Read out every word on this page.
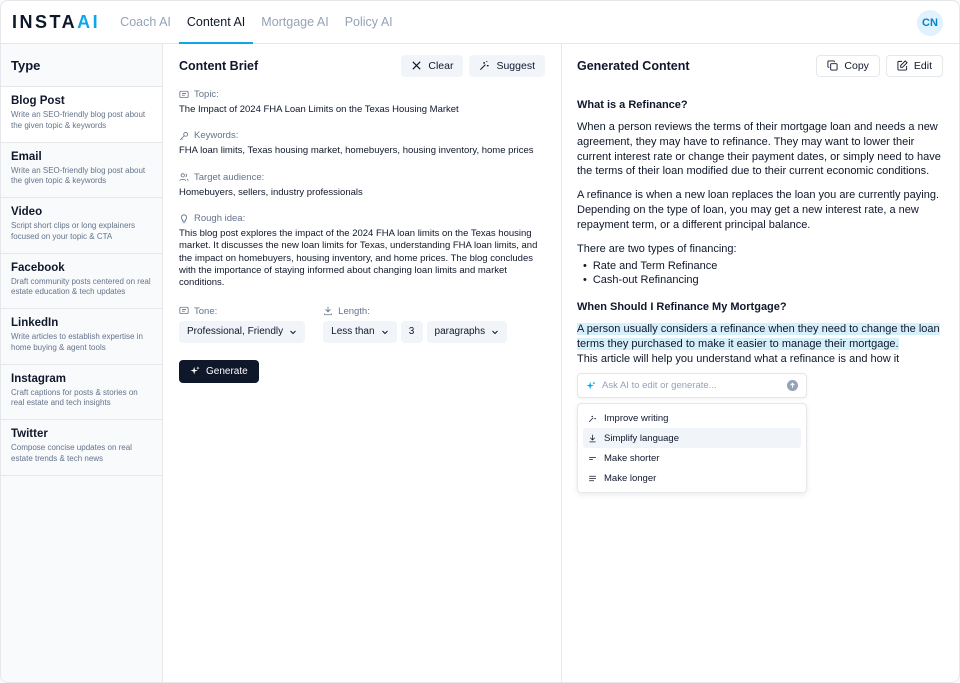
INSTAAI	Coach AI	Content AI	Mortgage AI	Policy AI	CN
Type
Blog Post
Write an SEO-friendly blog post about the given topic & keywords
Email
Write an SEO-friendly blog post about the given topic & keywords
Video
Script short clips or long explainers focused on your topic & CTA
Facebook
Draft community posts centered on real estate education & tech updates
LinkedIn
Write articles to establish expertise in home buying & agent tools
Instagram
Craft captions for posts & stories on real estate and tech insights
Twitter
Compose concise updates on real estate trends & tech news
Content Brief	Clear	Suggest
Topic:
The Impact of 2024 FHA Loan Limits on the Texas Housing Market
Keywords:
FHA loan limits, Texas housing market, homebuyers, housing inventory, home prices
Target audience:
Homebuyers, sellers, industry professionals
Rough idea:
This blog post explores the impact of the 2024 FHA loan limits on the Texas housing market. It discusses the new loan limits for Texas, understanding FHA loan limits, and the impact on homebuyers, housing inventory, and home prices. The blog concludes with the importance of staying informed about changing loan limits and market conditions.
Tone:
Professional, Friendly
Length:
Less than	3	paragraphs
Generate
Generated Content	Copy	Edit
What is a Refinance?

When a person reviews the terms of their mortgage loan and needs a new agreement, they may have to refinance. They may want to lower their current interest rate or change their payment dates, or simply need to have the terms of their loan modified due to their current economic conditions.

A refinance is when a new loan replaces the loan you are currently paying. Depending on the type of loan, you may get a new interest rate, a new repayment term, or a different principal balance.

There are two types of financing:

• Rate and Term Refinance
• Cash-out Refinancing
When Should I Refinance My Mortgage?

A person usually considers a refinance when they need to change the loan terms they purchased to make it easier to manage their mortgage.

This article will help you understand what a refinance is and how it
Ask AI to edit or generate...
Improve writing
Simplify language
Make shorter
Make longer
